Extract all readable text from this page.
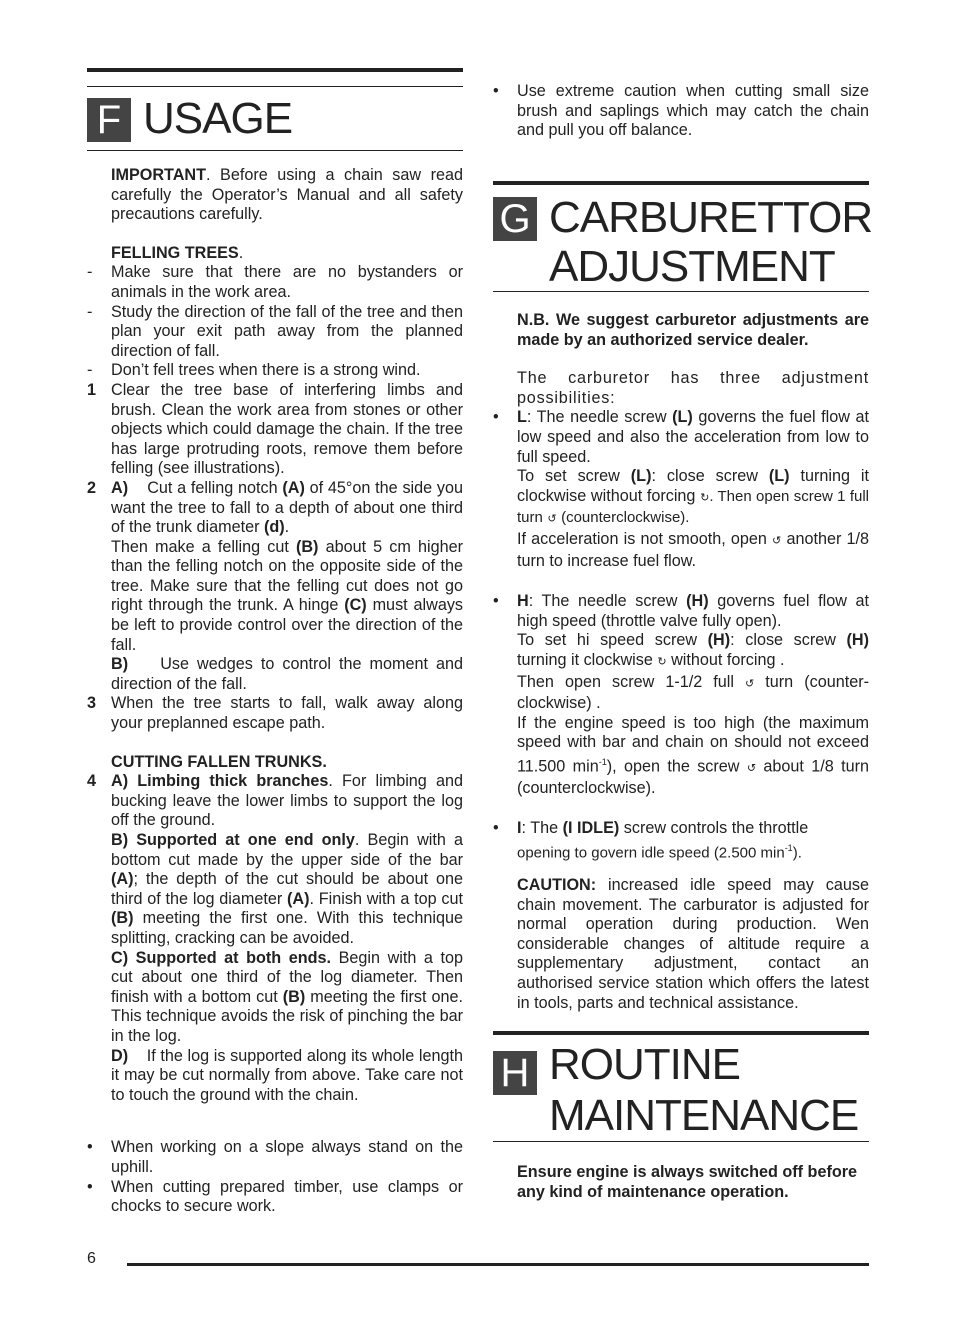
F USAGE

IMPORTANT. Before using a chain saw read carefully the Operator’s Manual and all safety precautions carefully.

FELLING TREES.

- Make sure that there are no bystanders or animals in the work area.
- Study the direction of the fall of the tree and then plan your exit path away from the planned direction of fall.
- Don’t fell trees when there is a strong wind.
1 Clear the tree base of interfering limbs and brush. Clean the work area from stones or other objects which could damage the chain. If the tree has large protruding roots, remove them before felling (see illustrations).
2 A) Cut a felling notch (A) of 45°on the side you want the tree to fall to a depth of about one third of the trunk diameter (d).
Then make a felling cut (B) about 5 cm higher than the felling notch on the opposite side of the tree. Make sure that the felling cut does not go right through the trunk. A hinge (C) must always be left to provide control over the direction of the fall.
B) Use wedges to control the moment and direction of the fall.
3 When the tree starts to fall, walk away along your preplanned escape path.

CUTTING FALLEN TRUNKS.

4 A) Limbing thick branches. For limbing and bucking leave the lower limbs to support the log off the ground.
B) Supported at one end only. Begin with a bottom cut made by the upper side of the bar (A); the depth of the cut should be about one third of the log diameter (A). Finish with a top cut (B) meeting the first one. With this technique splitting, cracking can be avoided.
C) Supported at both ends. Begin with a top cut about one third of the log diameter. Then finish with a bottom cut (B) meeting the first one. This technique avoids the risk of pinching the bar in the log.
D) If the log is supported along its whole length it may be cut normally from above. Take care not to touch the ground with the chain.
• When working on a slope always stand on the uphill.
• When cutting prepared timber, use clamps or chocks to secure work.
• Use extreme caution when cutting small size brush and saplings which may catch the chain and pull you off balance.
G CARBURETTOR
ADJUSTMENT

N.B. We suggest carburetor adjustments are made by an authorized service dealer.

The carburetor has three adjustment possibilities:

• L: The needle screw (L) governs the fuel flow at low speed and also the acceleration from low to full speed.
To set screw (L): close screw (L) turning it clockwise without forcing ↻. Then open screw 1 full turn ↺ (counterclockwise).
If acceleration is not smooth, open ↺ another 1/8 turn to increase fuel flow.
• H: The needle screw (H) governs fuel flow at high speed (throttle valve fully open).
To set hi speed screw (H): close screw (H) turning it clockwise ↻ without forcing .
Then open screw 1-1/2 full ↺ turn (counter-clockwise) .
If the engine speed is too high (the maximum speed with bar and chain on should not exceed 11.500 $\min^{-1}$), open the screw ↺ about 1/8 turn (counterclockwise).
• I: The (I IDLE) screw controls the throttle
opening to govern idle speed (2.500 $\min^{-1}$).

CAUTION: increased idle speed may cause chain movement. The carburator is adjusted for normal operation during production. Wen considerable changes of altitude require a supplementary adjustment, contact an authorised service station which offers the latest in tools, parts and technical assistance.

H ROUTINE
MAINTENANCE

Ensure engine is always switched off before any kind of maintenance operation.

6
